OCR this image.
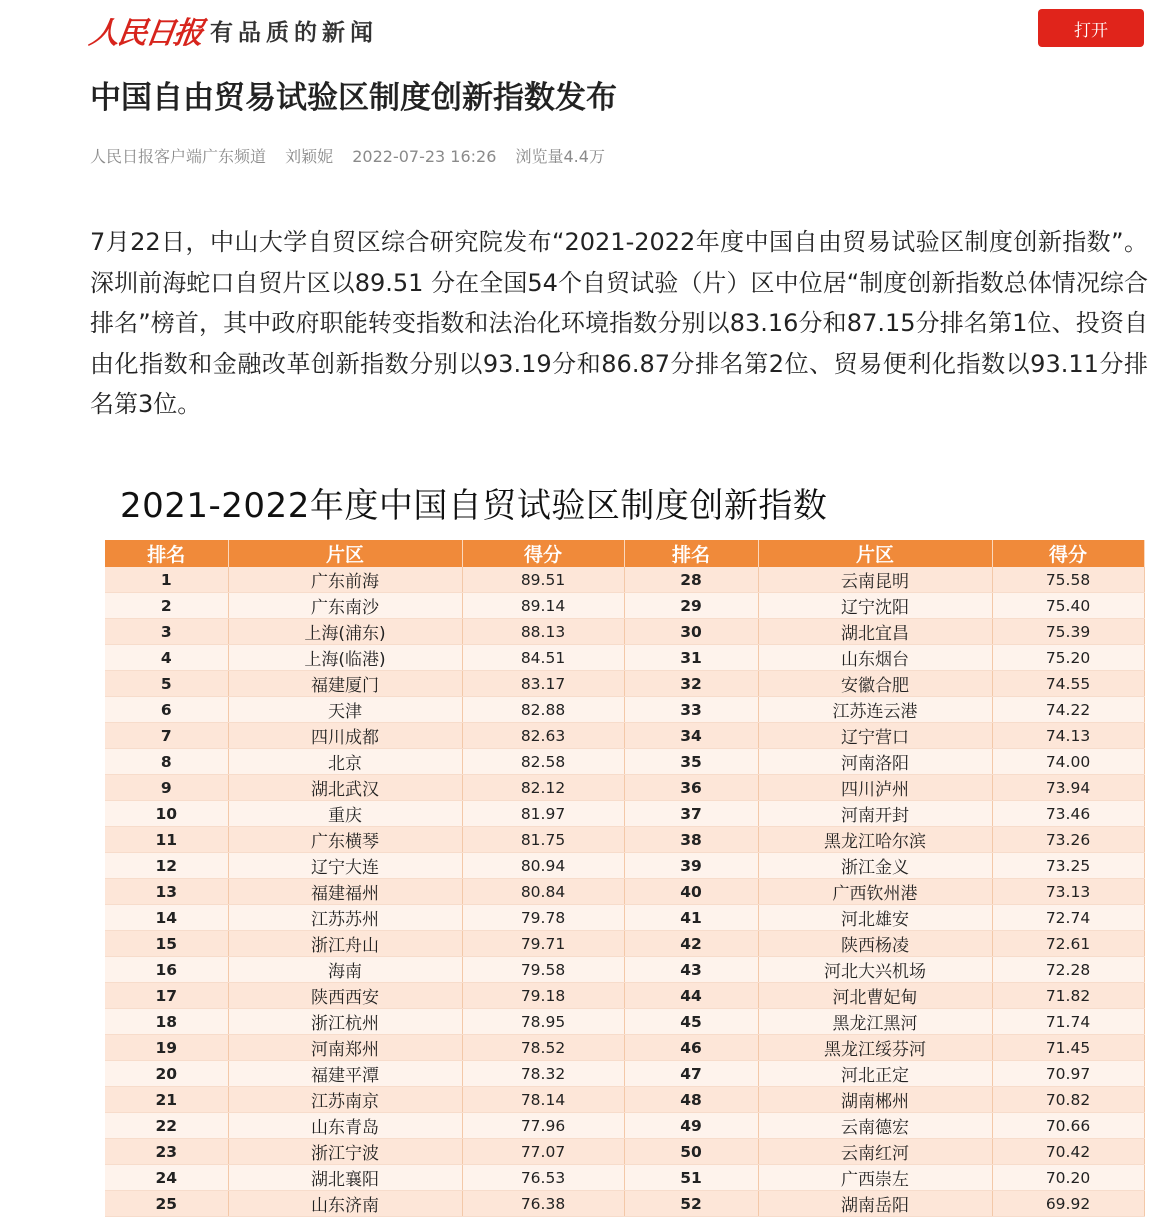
人民日报 有品质的新闻	打开
中国自由贸易试验区制度创新指数发布
人民日报客户端广东频道 刘颖妮 2022-07-23 16:26 浏览量4.4万

7月22日，中山大学自贸区综合研究院发布“2021-2022年度中国自由贸易试验区制度创新指数”。深圳前海蛇口自贸片区以89.51 分在全国54个自贸试验（片）区中位居“制度创新指数总体情况综合排名”榜首，其中政府职能转变指数和法治化环境指数分别以83.16分和87.15分排名第1位、投资自由化指数和金融改革创新指数分别以93.19分和86.87分排名第2位、贸易便利化指数以93.11分排名第3位。

2021-2022年度中国自贸试验区制度创新指数
排名	片区	得分	排名	片区	得分
1	广东前海	89.51	28	云南昆明	75.58
2	广东南沙	89.14	29	辽宁沈阳	75.40
3	上海(浦东)	88.13	30	湖北宜昌	75.39
4	上海(临港)	84.51	31	山东烟台	75.20
5	福建厦门	83.17	32	安徽合肥	74.55
6	天津	82.88	33	江苏连云港	74.22
7	四川成都	82.63	34	辽宁营口	74.13
8	北京	82.58	35	河南洛阳	74.00
9	湖北武汉	82.12	36	四川泸州	73.94
10	重庆	81.97	37	河南开封	73.46
11	广东横琴	81.75	38	黑龙江哈尔滨	73.26
12	辽宁大连	80.94	39	浙江金义	73.25
13	福建福州	80.84	40	广西钦州港	73.13
14	江苏苏州	79.78	41	河北雄安	72.74
15	浙江舟山	79.71	42	陕西杨凌	72.61
16	海南	79.58	43	河北大兴机场	72.28
17	陕西西安	79.18	44	河北曹妃甸	71.82
18	浙江杭州	78.95	45	黑龙江黑河	71.74
19	河南郑州	78.52	46	黑龙江绥芬河	71.45
20	福建平潭	78.32	47	河北正定	70.97
21	江苏南京	78.14	48	湖南郴州	70.82
22	山东青岛	77.96	49	云南德宏	70.66
23	浙江宁波	77.07	50	云南红河	70.42
24	湖北襄阳	76.53	51	广西崇左	70.20
25	山东济南	76.38	52	湖南岳阳	69.92
